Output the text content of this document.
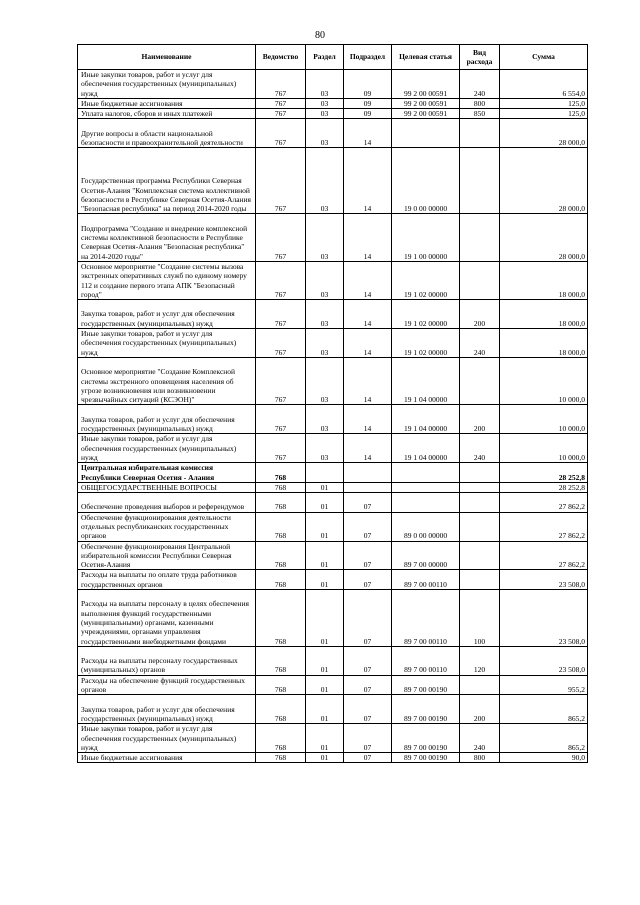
80
Наименование	Ведомство	Раздел	Подраздел	Целевая статья	Вид расхода	Сумма
Иные закупки товаров, работ и услуг для обеспечения государственных (муниципальных) нужд	767	03	09	99 2 00 00591	240	6 554,0
Иные бюджетные ассигнования	767	03	09	99 2 00 00591	800	125,0
Уплата налогов, сборов и иных платежей	767	03	09	99 2 00 00591	850	125,0
Другие вопросы в области национальной безопасности и правоохранительной деятельности	767	03	14			28 000,0
Государственная программа Республики Северная Осетия-Алания "Комплексная система коллективной безопасности в Республике Северная Осетия-Алания "Безопасная республика" на период 2014-2020 годы	767	03	14	19 0 00 00000		28 000,0
Подпрограмма "Создание и внедрение комплексной системы коллективной безопасности в Республике Северная Осетия-Алания "Безопасная республика" на 2014-2020 годы"	767	03	14	19 1 00 00000		28 000,0
Основное мероприятие "Создание системы вызова экстренных оперативных служб по единому номеру 112 и создание первого этапа АПК "Безопасный город"	767	03	14	19 1 02 00000		18 000,0
Закупка товаров, работ и услуг для обеспечения государственных (муниципальных) нужд	767	03	14	19 1 02 00000	200	18 000,0
Иные закупки товаров, работ и услуг для обеспечения государственных (муниципальных) нужд	767	03	14	19 1 02 00000	240	18 000,0
Основное мероприятие "Создание Комплексной системы экстренного оповещения населения об угрозе возникновения или возникновении чрезвычайных ситуаций (КСЭОН)"	767	03	14	19 1 04 00000		10 000,0
Закупка товаров, работ и услуг для обеспечения государственных (муниципальных) нужд	767	03	14	19 1 04 00000	200	10 000,0
Иные закупки товаров, работ и услуг для обеспечения государственных (муниципальных) нужд	767	03	14	19 1 04 00000	240	10 000,0
Центральная избирательная комиссия Республики Северная Осетия - Алания	768					28 252,8
ОБЩЕГОСУДАРСТВЕННЫЕ ВОПРОСЫ	768	01				28 252,8
Обеспечение проведения выборов и референдумов	768	01	07			27 862,2
Обеспечение функционирования деятельности отдельных республиканских государственных органов	768	01	07	89 0 00 00000		27 862,2
Обеспечение функционирования Центральной избирательной комиссии Республики Северная Осетия-Алания	768	01	07	89 7 00 00000		27 862,2
Расходы на выплаты по оплате труда работников государственных органов	768	01	07	89 7 00 00110		23 508,0
Расходы на выплаты персоналу в целях обеспечения выполнения функций государственными (муниципальными) органами, казенными учреждениями, органами управления государственными внебюджетными фондами	768	01	07	89 7 00 00110	100	23 508,0
Расходы на выплаты персоналу государственных (муниципальных) органов	768	01	07	89 7 00 00110	120	23 508,0
Расходы на обеспечение функций государственных органов	768	01	07	89 7 00 00190		955,2
Закупка товаров, работ и услуг для обеспечения государственных (муниципальных) нужд	768	01	07	89 7 00 00190	200	865,2
Иные закупки товаров, работ и услуг для обеспечения государственных (муниципальных) нужд	768	01	07	89 7 00 00190	240	865,2
Иные бюджетные ассигнования	768	01	07	89 7 00 00190	800	90,0
